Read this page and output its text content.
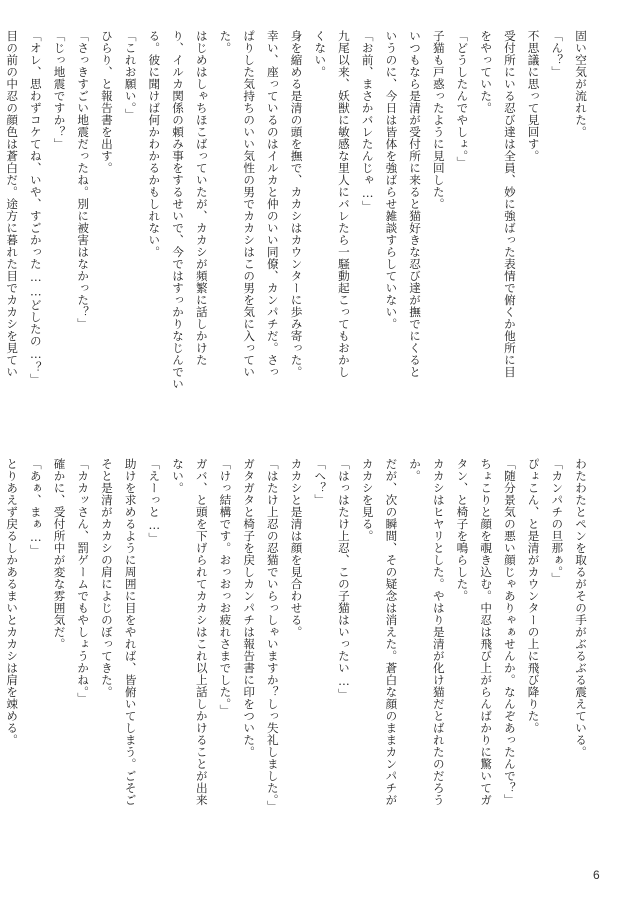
固い空気が流れた。
「ん？」
不思議に思って見回す。
受付所にいる忍び達は全員、妙に強ばった表情で俯くか他所に目
をやっていた。
「どうしたんでやしょ。」
子猫も戸惑ったように見回した。
いつもなら是清が受付所に来ると猫好きな忍び達が撫でにくると
いうのに、今日は皆体を強ばらせ雑談すらしていない。
「お前、まさかバレたんじゃ…」
九尾以来、妖獣に敏感な里人にバレたら一騒動起こってもおかし
くない。
身を縮める是清の頭を撫で、カカシはカウンターに歩み寄った。
幸い、座っているのはイルカと仲のいい同僚、カンパチだ。さっ
ぱりした気持ちのいい気性の男でカカシはこの男を気に入ってい
た。
はじめはしゃちほこばっていたが、カカシが頻繁に話しかけた
り、イルカ関係の頼み事をするせいで、今ではすっかりなじんでい
る。彼に聞けば何かわかるかもしれない。
「これお願い。」
ひらり、と報告書を出す。
「さっきすごい地震だったね。別に被害はなかった？」
「じっ地震ですか？」
「オレ、思わずコケてね、いや、すごかった……どしたの…？」
目の前の中忍の顔色は蒼白だ。途方に暮れた目でカカシを見てい
わたわたとペンを取るがその手がぶるぶる震えている。
「カンパチの旦那ぁ。」
ぴょこん、と是清がカウンターの上に飛び降りた。
「随分景気の悪い顔じゃありゃぁせんか。なんぞあったんで？」
ちょこりと顔を覗き込む。中忍は飛び上がらんばかりに驚いてガ
タン、と椅子を鳴らした。
カカシはヒヤリとした。やはり是清が化け猫だとばれたのだろう
か。
だが、次の瞬間、その疑念は消えた。蒼白な顔のままカンパチが
カカシを見る。
「はっはたけ上忍、この子猫はいったい…」
「へ？」
カカシと是清は顔を見合わせる。
「はたけ上忍の忍猫でいらっしゃいますか？しっ失礼しました。」
ガタガタと椅子を戻しカンパチは報告書に印をついた。
「けっ結構です。おっおっお疲れさまでした。」
ガバ、と頭を下げられてカカシはこれ以上話しかけることが出来
ない。
「えーっと…」
助けを求めるように周囲に目をやれば、皆俯いてしまう。ごそご
そと是清がカカシの肩によじのぼってきた。
「カカッさん、罰ゲームでもやしょうかね。」
確かに、受付所中が変な雰囲気だ。
「あぁ、まぁ…」
とりあえず戻るしかあるまいとカカシは肩を竦める。
6
